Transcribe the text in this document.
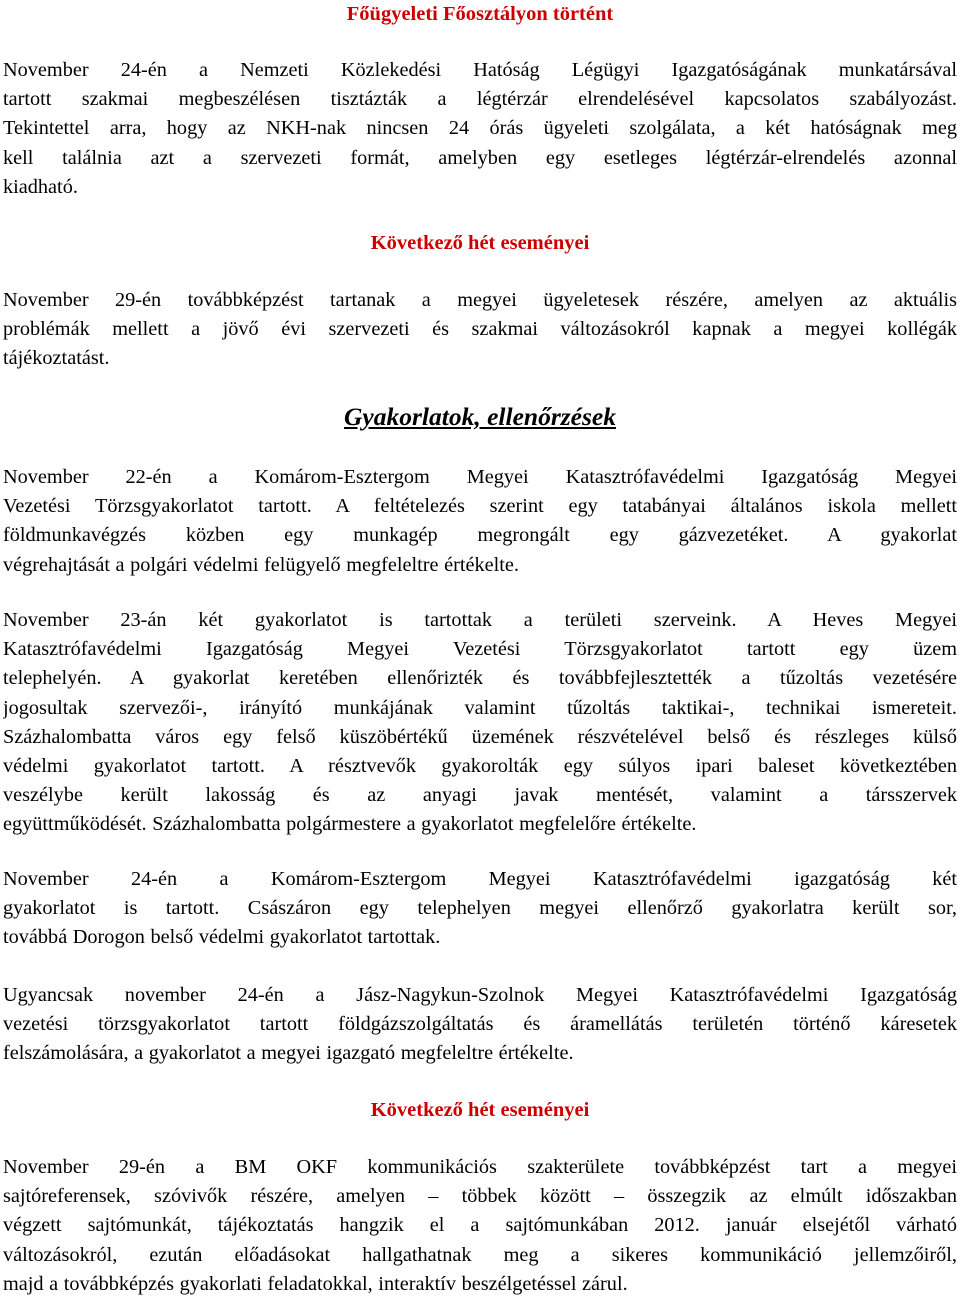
Főügyeleti Főosztályon történt

November 24-én a Nemzeti Közlekedési Hatóság Légügyi Igazgatóságának munkatársával
tartott szakmai megbeszélésen tisztázták a légtérzár elrendelésével kapcsolatos szabályozást.
Tekintettel arra, hogy az NKH-nak nincsen 24 órás ügyeleti szolgálata, a két hatóságnak meg
kell találnia azt a szervezeti formát, amelyben egy esetleges légtérzár-elrendelés azonnal
kiadható.

Következő hét eseményei

November 29-én továbbképzést tartanak a megyei ügyeletesek részére, amelyen az aktuális
problémák mellett a jövő évi szervezeti és szakmai változásokról kapnak a megyei kollégák
tájékoztatást.

Gyakorlatok, ellenőrzések

November 22-én a Komárom-Esztergom Megyei Katasztrófavédelmi Igazgatóság Megyei
Vezetési Törzsgyakorlatot tartott. A feltételezés szerint egy tatabányai általános iskola mellett
földmunkavégzés közben egy munkagép megrongált egy gázvezetéket. A gyakorlat
végrehajtását a polgári védelmi felügyelő megfeleltre értékelte.

November 23-án két gyakorlatot is tartottak a területi szerveink. A Heves Megyei
Katasztrófavédelmi Igazgatóság Megyei Vezetési Törzsgyakorlatot tartott egy üzem
telephelyén. A gyakorlat keretében ellenőrizték és továbbfejlesztették a tűzoltás vezetésére
jogosultak szervezői-, irányító munkájának valamint tűzoltás taktikai-, technikai ismereteit.
Százhalombatta város egy felső küszöbértékű üzemének részvételével belső és részleges külső
védelmi gyakorlatot tartott. A résztvevők gyakorolták egy súlyos ipari baleset következtében
veszélybe került lakosság és az anyagi javak mentését, valamint a társszervek
együttműködését. Százhalombatta polgármestere a gyakorlatot megfelelőre értékelte.

November 24-én a Komárom-Esztergom Megyei Katasztrófavédelmi igazgatóság két
gyakorlatot is tartott. Császáron egy telephelyen megyei ellenőrző gyakorlatra került sor,
továbbá Dorogon belső védelmi gyakorlatot tartottak.

Ugyancsak november 24-én a Jász-Nagykun-Szolnok Megyei Katasztrófavédelmi Igazgatóság
vezetési törzsgyakorlatot tartott földgázszolgáltatás és áramellátás területén történő káresetek
felszámolására, a gyakorlatot a megyei igazgató megfeleltre értékelte.

Következő hét eseményei

November 29-én a BM OKF kommunikációs szakterülete továbbképzést tart a megyei
sajtóreferensek, szóvivők részére, amelyen – többek között – összegzik az elmúlt időszakban
végzett sajtómunkát, tájékoztatás hangzik el a sajtómunkában 2012. január elsejétől várható
változásokról, ezután előadásokat hallgathatnak meg a sikeres kommunikáció jellemzőiről,
majd a továbbképzés gyakorlati feladatokkal, interaktív beszélgetéssel zárul.
